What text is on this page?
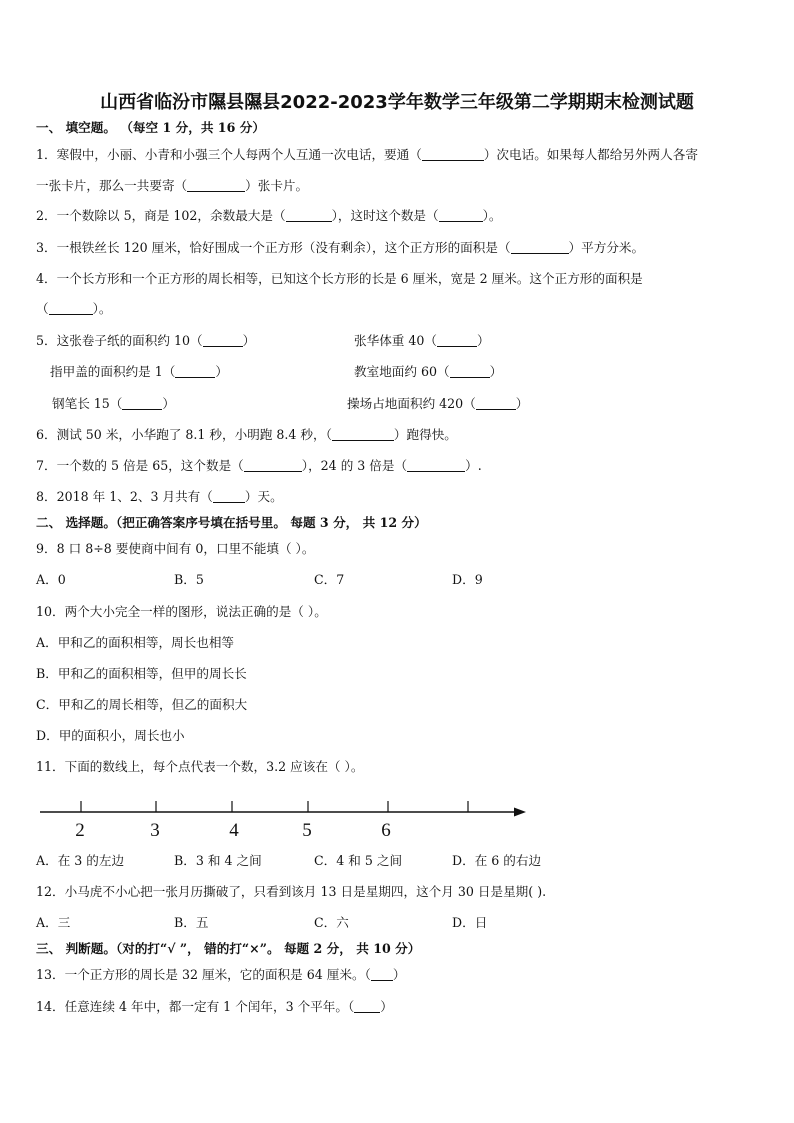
山西省临汾市隰县隰县2022-2023学年数学三年级第二学期期末检测试题
一、 填空题。 （每空 1 分，共 16 分）
1．寒假中，小丽、小青和小强三个人每两个人互通一次电话，要通（	）次电话。如果每人都给另外两人各寄
一张卡片，那么一共要寄（	）张卡片。
2．一个数除以 5，商是 102，余数最大是（	），这时这个数是（	）。
3．一根铁丝长 120 厘米，恰好围成一个正方形（没有剩余），这个正方形的面积是（	）平方分米。
4．一个长方形和一个正方形的周长相等，已知这个长方形的长是 6 厘米，宽是 2 厘米。这个正方形的面积是
（	）。
5．这张卷子纸的面积约 10（	）	张华体重 40（	）
指甲盖的面积约是 1（	）	教室地面约 60（	）
钢笔长 15（	）	操场占地面积约 420（	）
6．测试 50 米，小华跑了 8.1 秒，小明跑 8.4 秒，（	）跑得快。
7．一个数的 5 倍是 65，这个数是（	），24 的 3 倍是（	）.
8．2018 年 1、2、3 月共有（	）天。
二、 选择题。（把正确答案序号填在括号里。 每题 3 分， 共 12 分）
9．8 口 8÷8 要使商中间有 0，口里不能填（ ）。
A．0	B．5	C．7	D．9
10．两个大小完全一样的图形，说法正确的是（ ）。
A．甲和乙的面积相等，周长也相等
B．甲和乙的面积相等，但甲的周长长
C．甲和乙的周长相等，但乙的面积大
D．甲的面积小，周长也小
11．下面的数线上，每个点代表一个数，3.2 应该在（ ）。
2	3	4	5	6
A．在 3 的左边	B．3 和 4 之间	C．4 和 5 之间	D．在 6 的右边
12．小马虎不小心把一张月历撕破了，只看到该月 13 日是星期四，这个月 30 日是星期( ).
A．三	B．五	C．六	D．日
三、 判断题。（对的打“√ ”， 错的打“×”。 每题 2 分， 共 10 分）
13．一个正方形的周长是 32 厘米，它的面积是 64 厘米。（ ）
14．任意连续 4 年中，都一定有 1 个闰年，3 个平年。（ ）
